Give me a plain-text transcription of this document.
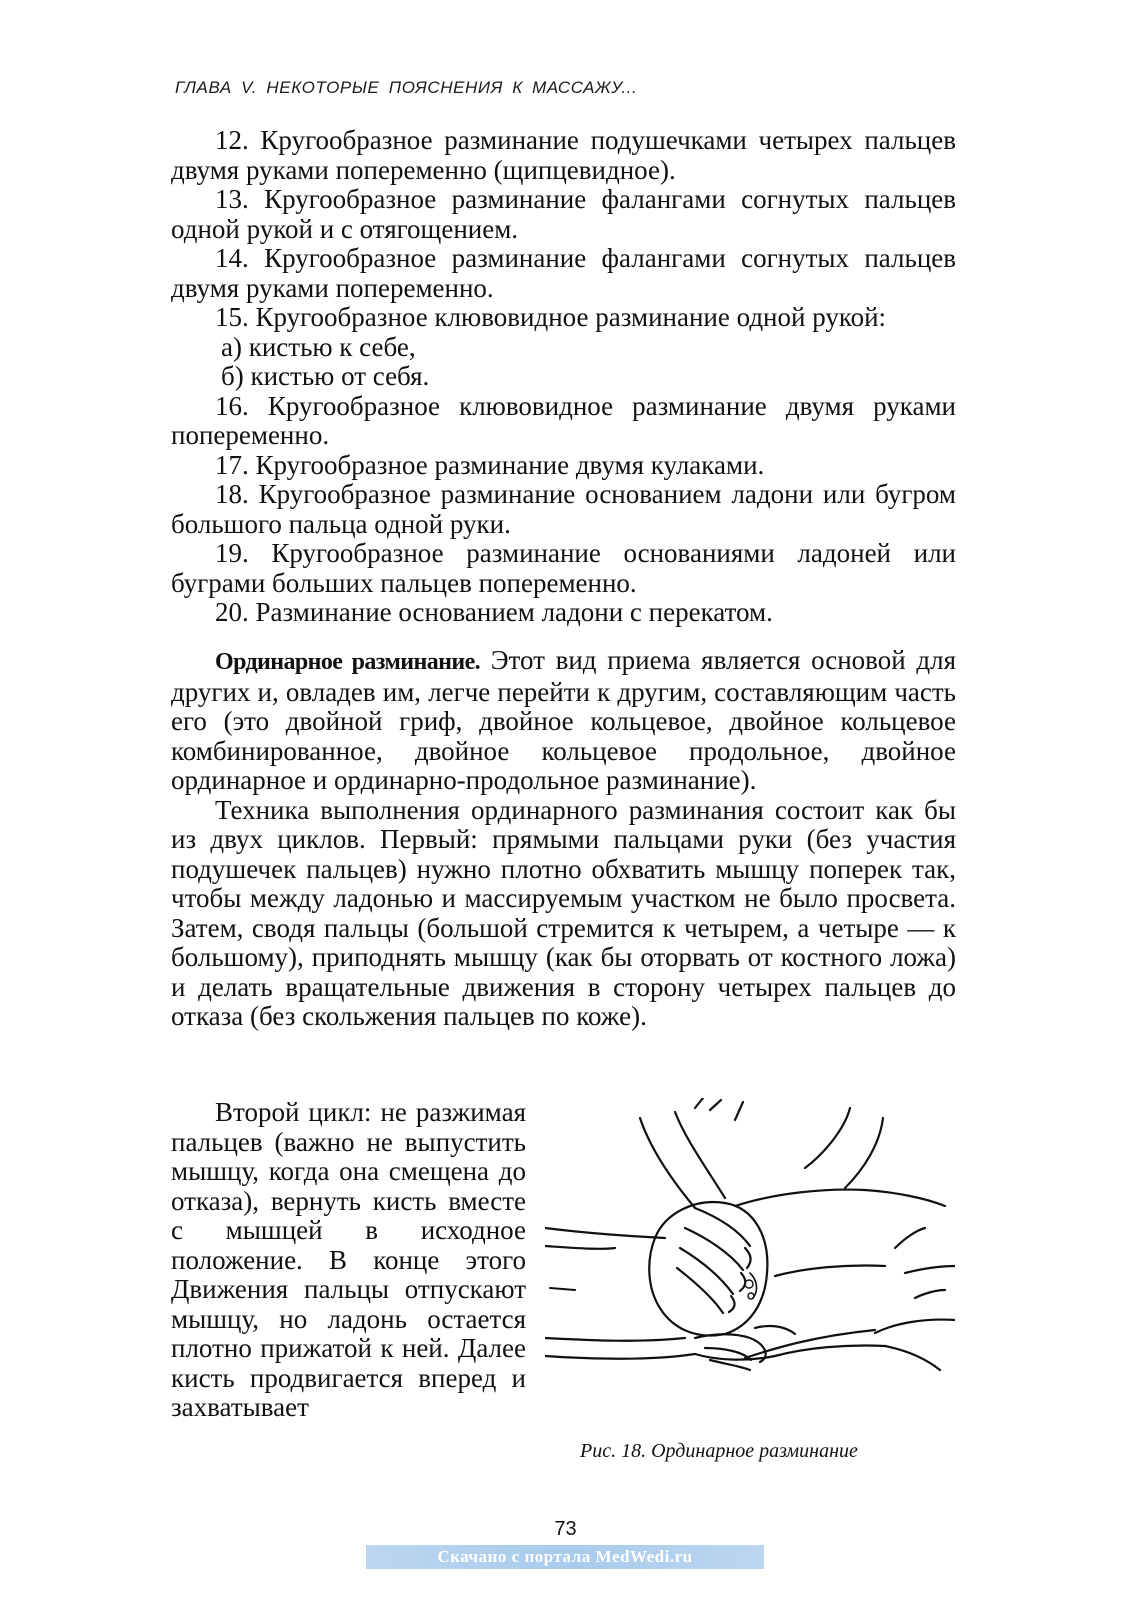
ГЛАВА V. НЕКОТОРЫЕ ПОЯСНЕНИЯ К МАССАЖУ...

12. Кругообразное разминание подушечками четырех пальцев двумя руками попеременно (щипцевидное).

13. Кругообразное разминание фалангами согнутых пальцев одной рукой и с отягощением.

14. Кругообразное разминание фалангами согнутых пальцев двумя руками попеременно.

15. Кругообразное клювовидное разминание одной рукой:

а) кистью к себе,

б) кистью от себя.

16. Кругообразное клювовидное разминание двумя руками попеременно.

17. Кругообразное разминание двумя кулаками.

18. Кругообразное разминание основанием ладони или бугром большого пальца одной руки.

19. Кругообразное разминание основаниями ладоней или буграми больших пальцев попеременно.

20. Разминание основанием ладони с перекатом.

Ординарное разминание. Этот вид приема является основой для других и, овладев им, легче перейти к другим, составляющим часть его (это двойной гриф, двойное кольцевое, двойное кольцевое комбинированное, двойное кольцевое продольное, двойное ординарное и ординарно-продольное разминание).

Техника выполнения ординарного разминания состоит как бы из двух циклов. Первый: прямыми пальцами руки (без участия подушечек пальцев) нужно плотно обхватить мышцу поперек так, чтобы между ладонью и массируемым участком не было просвета. Затем, сводя пальцы (большой стремится к четырем, а четыре — к большому), приподнять мышцу (как бы оторвать от костного ложа) и делать вращательные движения в сторону четырех пальцев до отказа (без скольжения пальцев по коже).

Второй цикл: не разжимая пальцев (важно не выпустить мышцу, когда она смещена до отказа), вернуть кисть вместе с мышцей в исходное положение. В конце этого Движения пальцы отпускают мышцу, но ладонь остается плотно прижатой к ней. Далее кисть продвигается вперед и захватывает

Рис. 18. Ординарное разминание
73
Скачано с портала MedWedi.ru
